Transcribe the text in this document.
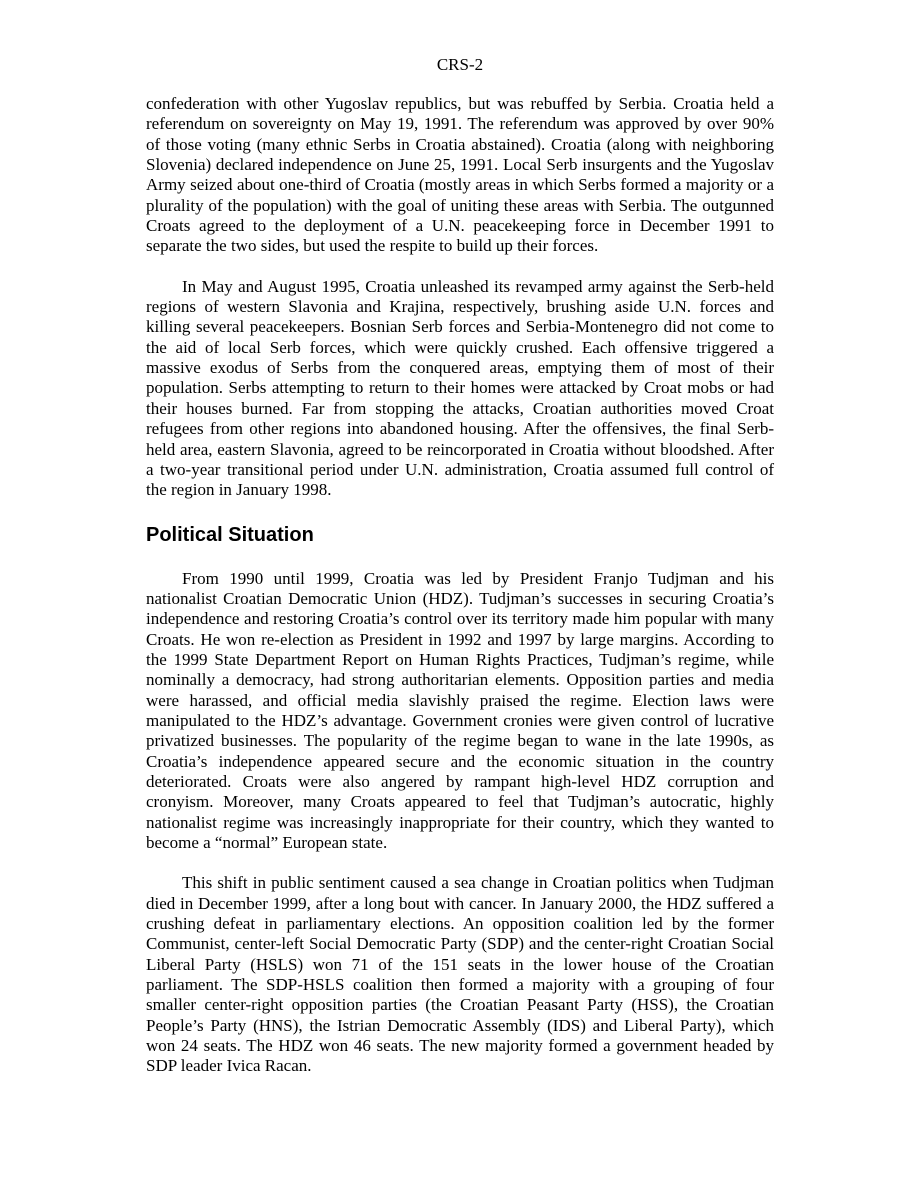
CRS-2

confederation with other Yugoslav republics, but was rebuffed by Serbia. Croatia held a referendum on sovereignty on May 19, 1991. The referendum was approved by over 90% of those voting (many ethnic Serbs in Croatia abstained). Croatia (along with neighboring Slovenia) declared independence on June 25, 1991. Local Serb insurgents and the Yugoslav Army seized about one-third of Croatia (mostly areas in which Serbs formed a majority or a plurality of the population) with the goal of uniting these areas with Serbia. The outgunned Croats agreed to the deployment of a U.N. peacekeeping force in December 1991 to separate the two sides, but used the respite to build up their forces.

In May and August 1995, Croatia unleashed its revamped army against the Serb-held regions of western Slavonia and Krajina, respectively, brushing aside U.N. forces and killing several peacekeepers. Bosnian Serb forces and Serbia-Montenegro did not come to the aid of local Serb forces, which were quickly crushed. Each offensive triggered a massive exodus of Serbs from the conquered areas, emptying them of most of their population. Serbs attempting to return to their homes were attacked by Croat mobs or had their houses burned. Far from stopping the attacks, Croatian authorities moved Croat refugees from other regions into abandoned housing. After the offensives, the final Serb-held area, eastern Slavonia, agreed to be reincorporated in Croatia without bloodshed. After a two-year transitional period under U.N. administration, Croatia assumed full control of the region in January 1998.

Political Situation

From 1990 until 1999, Croatia was led by President Franjo Tudjman and his nationalist Croatian Democratic Union (HDZ). Tudjman’s successes in securing Croatia’s independence and restoring Croatia’s control over its territory made him popular with many Croats. He won re-election as President in 1992 and 1997 by large margins. According to the 1999 State Department Report on Human Rights Practices, Tudjman’s regime, while nominally a democracy, had strong authoritarian elements. Opposition parties and media were harassed, and official media slavishly praised the regime. Election laws were manipulated to the HDZ’s advantage. Government cronies were given control of lucrative privatized businesses. The popularity of the regime began to wane in the late 1990s, as Croatia’s independence appeared secure and the economic situation in the country deteriorated. Croats were also angered by rampant high-level HDZ corruption and cronyism. Moreover, many Croats appeared to feel that Tudjman’s autocratic, highly nationalist regime was increasingly inappropriate for their country, which they wanted to become a “normal” European state.

This shift in public sentiment caused a sea change in Croatian politics when Tudjman died in December 1999, after a long bout with cancer. In January 2000, the HDZ suffered a crushing defeat in parliamentary elections. An opposition coalition led by the former Communist, center-left Social Democratic Party (SDP) and the center-right Croatian Social Liberal Party (HSLS) won 71 of the 151 seats in the lower house of the Croatian parliament. The SDP-HSLS coalition then formed a majority with a grouping of four smaller center-right opposition parties (the Croatian Peasant Party (HSS), the Croatian People’s Party (HNS), the Istrian Democratic Assembly (IDS) and Liberal Party), which won 24 seats. The HDZ won 46 seats. The new majority formed a government headed by SDP leader Ivica Racan.
